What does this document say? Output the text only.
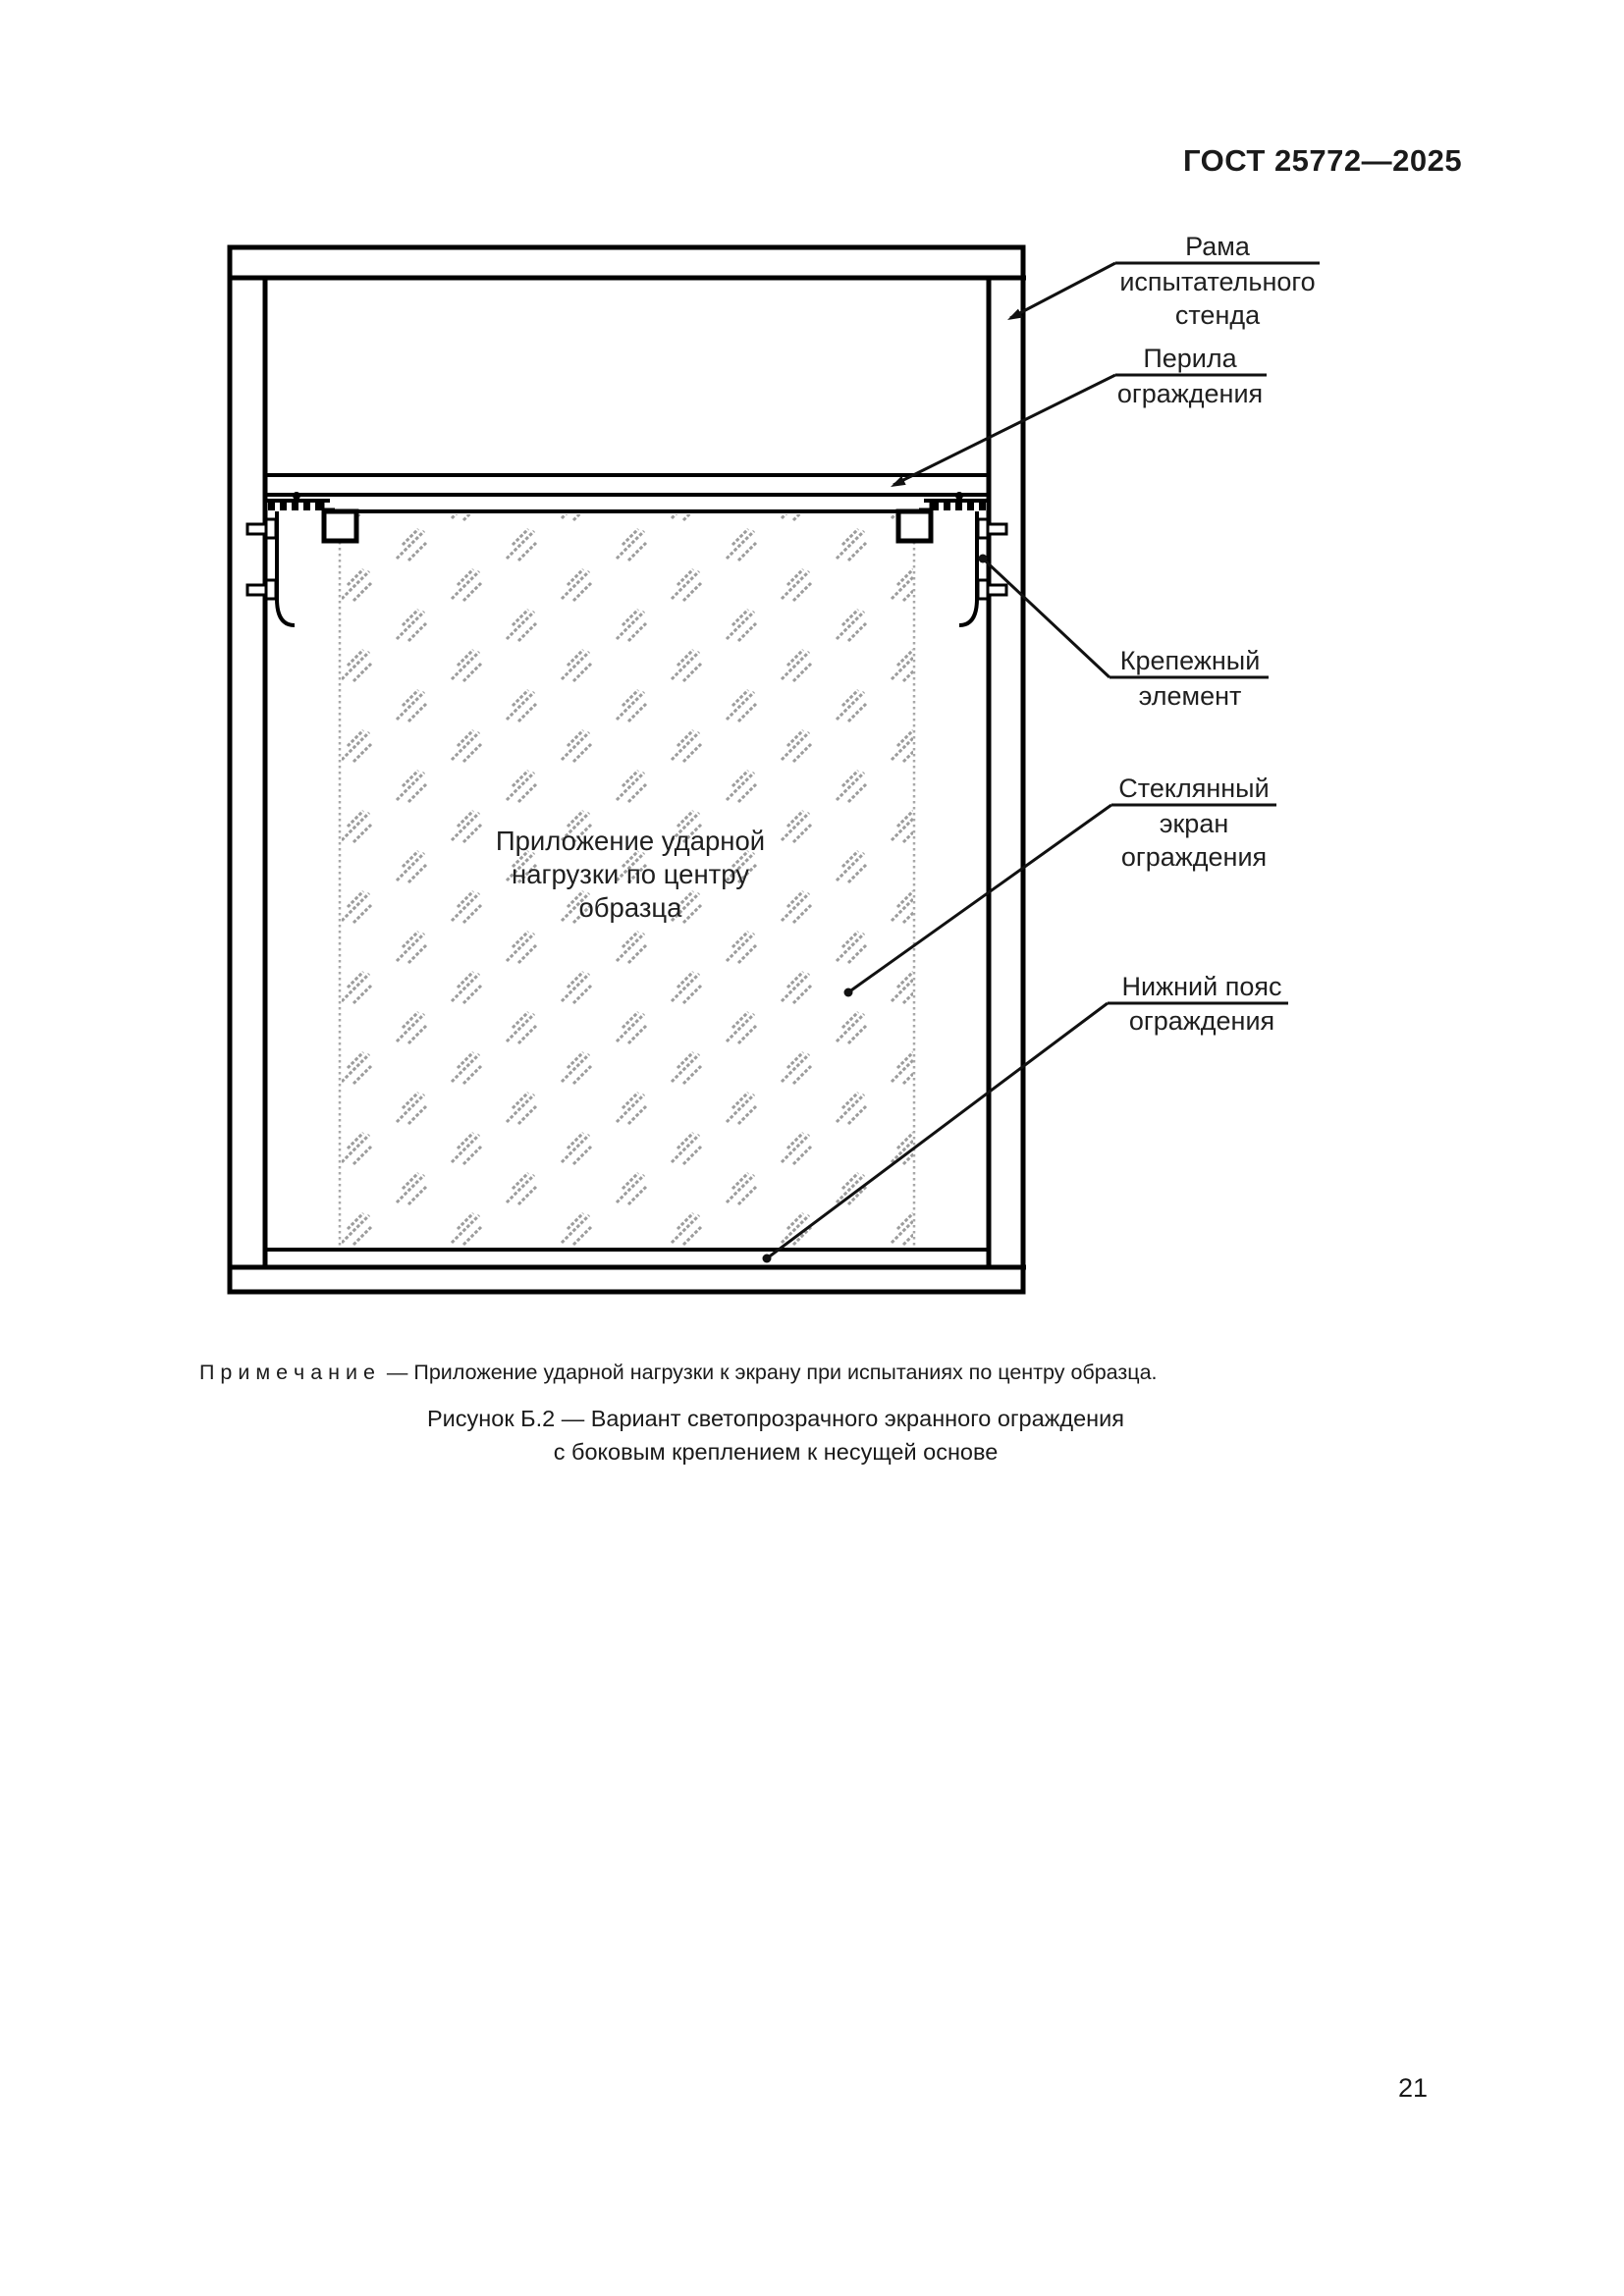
ГОСТ 25772—2025
Приложение ударной
нагрузки по центру
образца
Рама
испытательного
стенда
Перила
ограждения
Крепежный
элемент
Стеклянный
экран
ограждения
Нижний пояс
ограждения
П р и м е ч а н и е — Приложение ударной нагрузки к экрану при испытаниях по центру образца.
Рисунок Б.2 — Вариант светопрозрачного экранного ограждения
с боковым креплением к несущей основе
21
